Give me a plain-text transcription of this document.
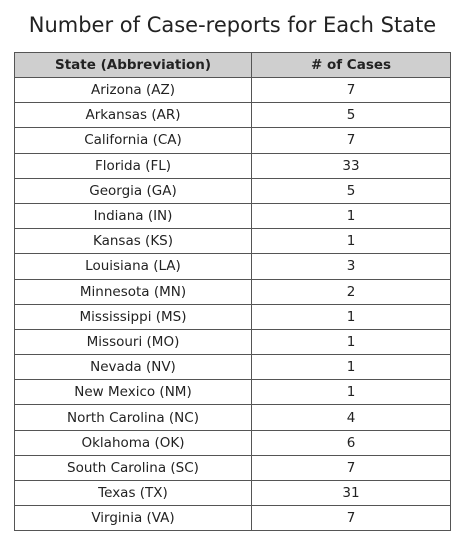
Number of Case-reports for Each State
State (Abbreviation)	# of Cases
Arizona (AZ)	7
Arkansas (AR)	5
California (CA)	7
Florida (FL)	33
Georgia (GA)	5
Indiana (IN)	1
Kansas (KS)	1
Louisiana (LA)	3
Minnesota (MN)	2
Mississippi (MS)	1
Missouri (MO)	1
Nevada (NV)	1
New Mexico (NM)	1
North Carolina (NC)	4
Oklahoma (OK)	6
South Carolina (SC)	7
Texas (TX)	31
Virginia (VA)	7
